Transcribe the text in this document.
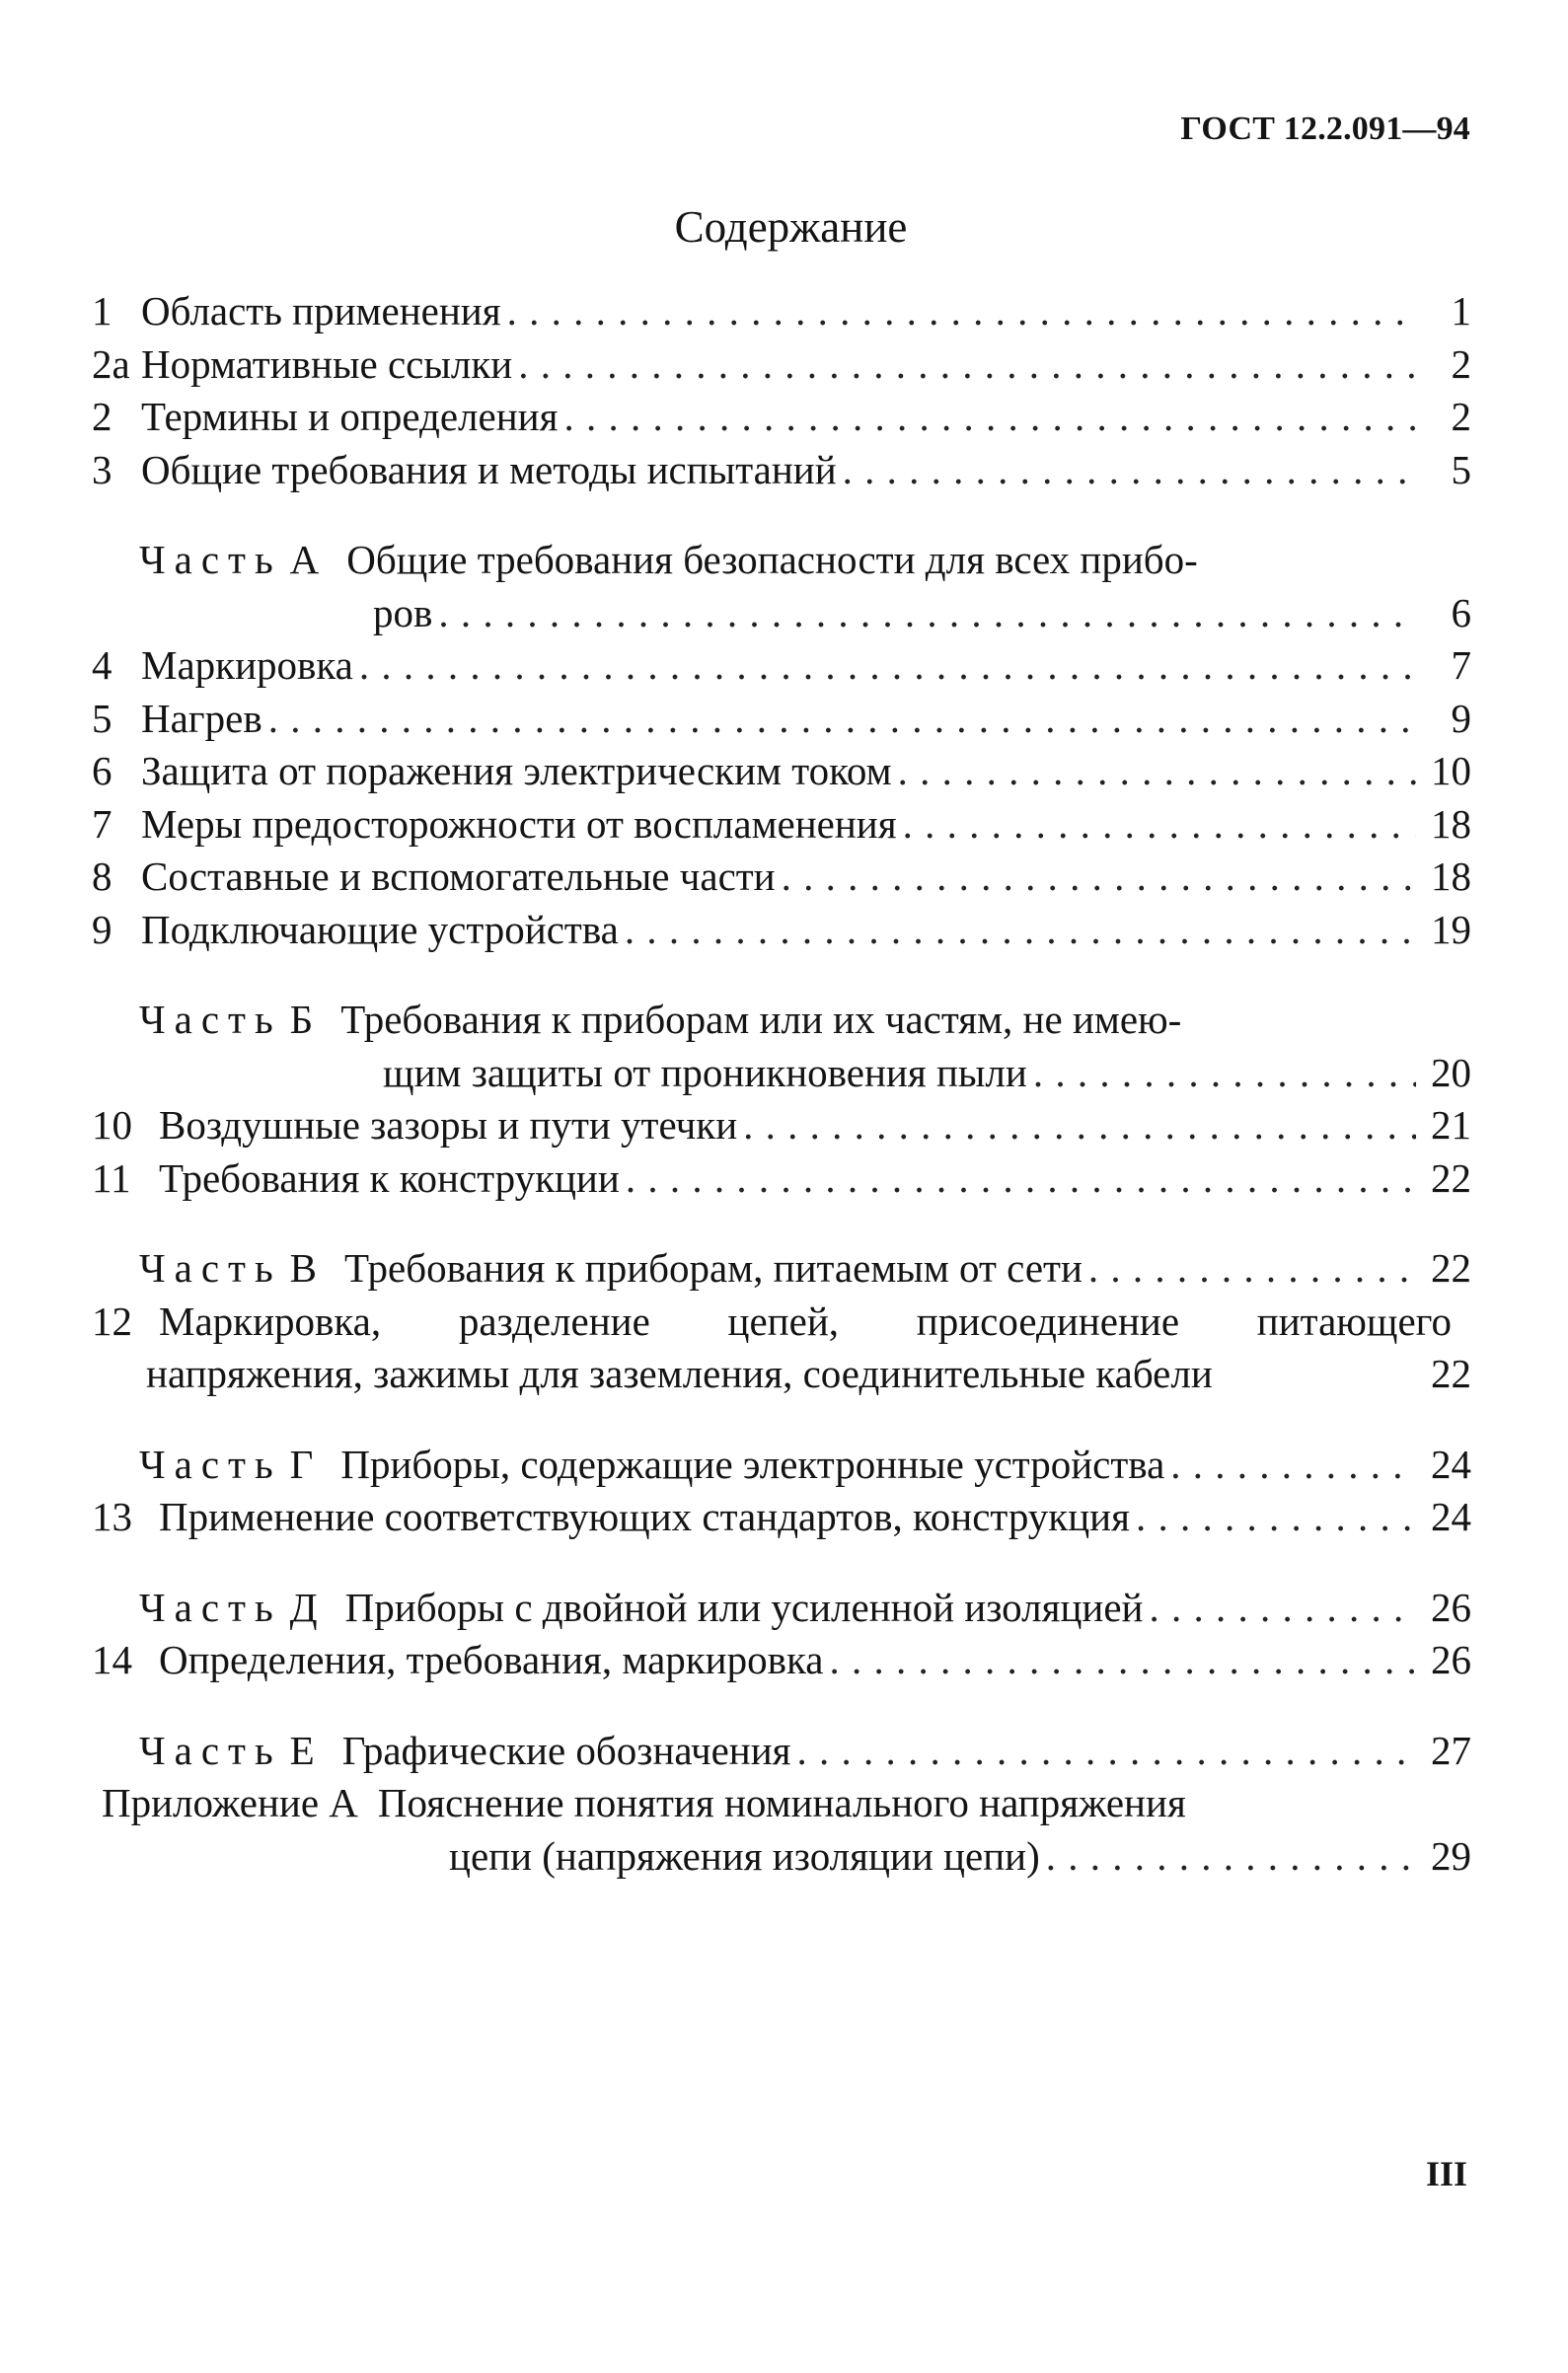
ГОСТ 12.2.091—94
Содержание
1 Область применения . . .	1
2а Нормативные ссылки . . .	2
2 Термины и определения . . .	2
3 Общие требования и методы испытаний . . .	5
Часть А Общие требования безопасности для всех прибо-
ров . . .	6
4 Маркировка . . .	7
5 Нагрев . . .	9
6 Защита от поражения электрическим током . . .	10
7 Меры предосторожности от воспламенения . . .	18
8 Составные и вспомогательные части . . .	18
9 Подключающие устройства . . .	19
Часть Б Требования к приборам или их частям, не имею-
щим защиты от проникновения пыли . . .	20
10 Воздушные зазоры и пути утечки . . .	21
11 Требования к конструкции . . .	22
Часть В Требования к приборам, питаемым от сети . . .	22
12 Маркировка, разделение цепей, присоединение питающего
напряжения, зажимы для заземления, соединительные кабели	22
Часть Г Приборы, содержащие электронные устройства . . .	24
13 Применение соответствующих стандартов, конструкция . . .	24
Часть Д Приборы с двойной или усиленной изоляцией . . .	26
14 Определения, требования, маркировка . . .	26
Часть Е Графические обозначения . . .	27
Приложение А Пояснение понятия номинального напряжения
цепи (напряжения изоляции цепи) . . .	29
III
